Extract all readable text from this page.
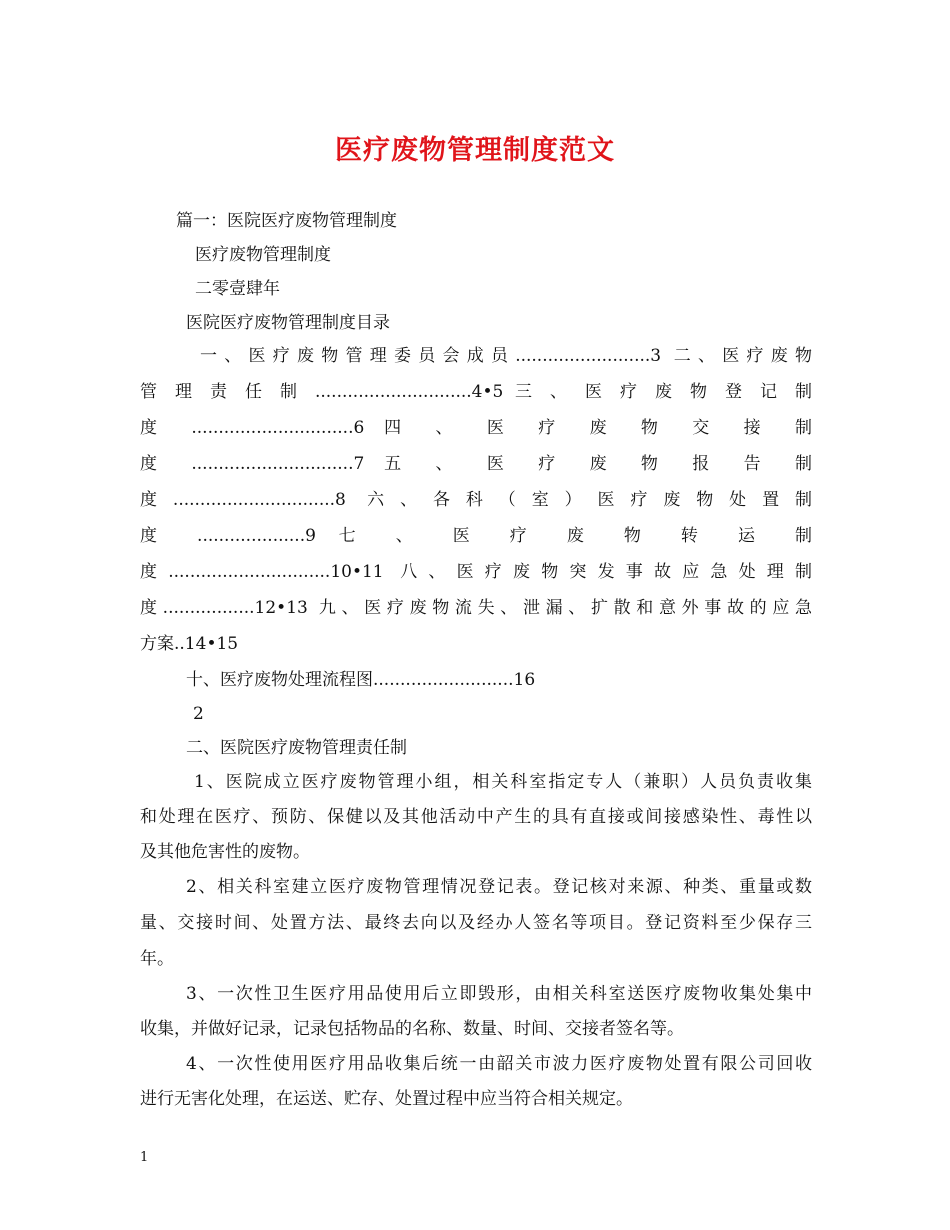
医疗废物管理制度范文
篇一：医院医疗废物管理制度
医疗废物管理制度
二零壹肆年
医院医疗废物管理制度目录
一、医疗废物管理委员会成员.........................3 二、医疗废物
管 理 责 任 制 .............................4•5 三 、 医 疗 废 物 登 记 制
度 ..............................6 四 、 医 疗 废 物 交 接 制
度 ..............................7 五 、 医 疗 废 物 报 告 制
度..............................8 六、各科（室）医疗废物处置制
度 ....................9 七 、 医 疗 废 物 转 运 制
度..............................10•11 八、医疗废物突发事故应急处理制
度.................12•13 九、医疗废物流失、泄漏、扩散和意外事故的应急
方案..14•15
十、医疗废物处理流程图..........................16
2
二、医院医疗废物管理责任制
1、医院成立医疗废物管理小组，相关科室指定专人（兼职）人员负责收集
和处理在医疗、预防、保健以及其他活动中产生的具有直接或间接感染性、毒性以
及其他危害性的废物。
2、相关科室建立医疗废物管理情况登记表。登记核对来源、种类、重量或数
量、交接时间、处置方法、最终去向以及经办人签名等项目。登记资料至少保存三
年。
3、一次性卫生医疗用品使用后立即毁形，由相关科室送医疗废物收集处集中
收集，并做好记录，记录包括物品的名称、数量、时间、交接者签名等。
4、一次性使用医疗用品收集后统一由韶关市波力医疗废物处置有限公司回收
进行无害化处理，在运送、贮存、处置过程中应当符合相关规定。
1
